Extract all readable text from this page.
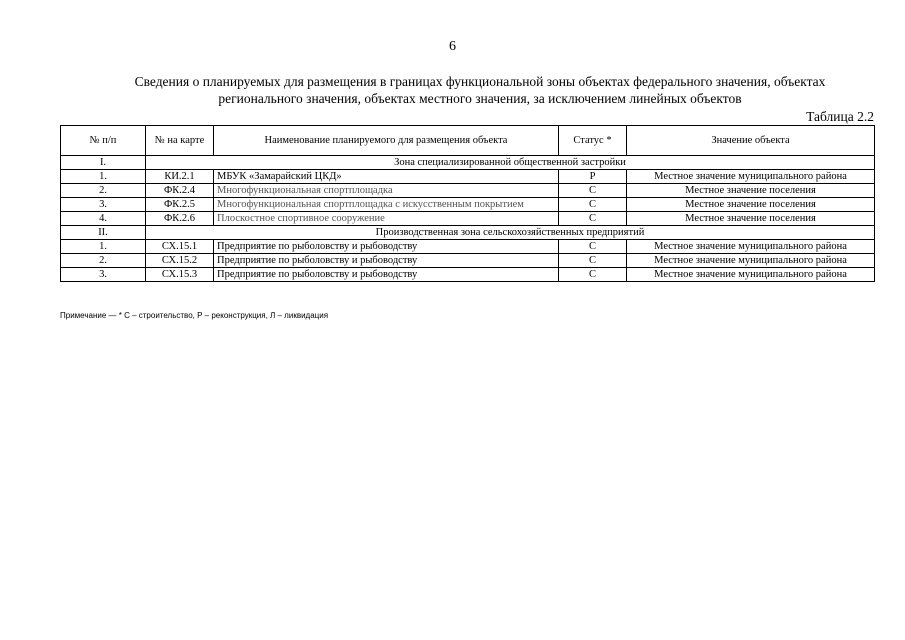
6
Сведения о планируемых для размещения в границах функциональной зоны объектах федерального значения, объектах
регионального значения, объектах местного значения, за исключением линейных объектов
Таблица 2.2
№ п/п	№ на карте	Наименование планируемого для размещения объекта	Статус *	Значение объекта
I.	Зона специализированной общественной застройки			
1.	КИ.2.1	МБУК «Замарайский ЦКД»	Р	Местное значение муниципального района
2.	ФК.2.4	Многофункциональная спортплощадка	С	Местное значение поселения
3.	ФК.2.5	Многофункциональная спортплощадка с искусственным покрытием	С	Местное значение поселения
4.	ФК.2.6	Плоскостное спортивное сооружение	С	Местное значение поселения
II.	Производственная зона сельскохозяйственных предприятий			
1.	СХ.15.1	Предприятие по рыболовству и рыбоводству	С	Местное значение муниципального района
2.	СХ.15.2	Предприятие по рыболовству и рыбоводству	С	Местное значение муниципального района
3.	СХ.15.3	Предприятие по рыболовству и рыбоводству	С	Местное значение муниципального района
Примечание — * С – строительство, Р – реконструкция, Л – ликвидация
